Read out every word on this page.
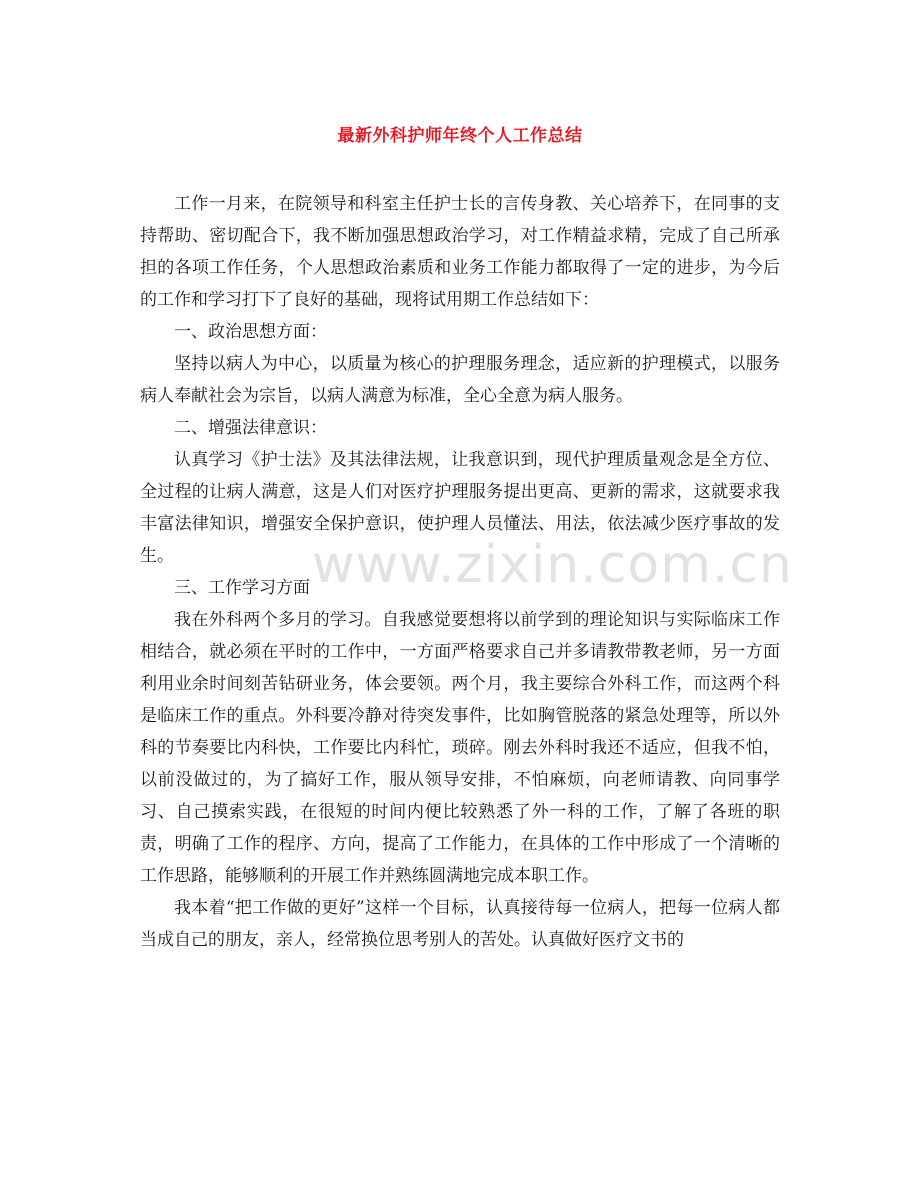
www.zixin.com.cn
最新外科护师年终个人工作总结

工作一月来，在院领导和科室主任护士长的言传身教、关心培养下，在同事的支持帮助、密切配合下，我不断加强思想政治学习，对工作精益求精，完成了自己所承担的各项工作任务，个人思想政治素质和业务工作能力都取得了一定的进步，为今后的工作和学习打下了良好的基础，现将试用期工作总结如下：

一、政治思想方面：

坚持以病人为中心，以质量为核心的护理服务理念，适应新的护理模式，以服务病人奉献社会为宗旨，以病人满意为标准，全心全意为病人服务。

二、增强法律意识：

认真学习《护士法》及其法律法规，让我意识到，现代护理质量观念是全方位、全过程的让病人满意，这是人们对医疗护理服务提出更高、更新的需求，这就要求我丰富法律知识，增强安全保护意识，使护理人员懂法、用法，依法减少医疗事故的发生。

三、工作学习方面

我在外科两个多月的学习。自我感觉要想将以前学到的理论知识与实际临床工作相结合，就必须在平时的工作中，一方面严格要求自己并多请教带教老师，另一方面利用业余时间刻苦钻研业务，体会要领。两个月，我主要综合外科工作，而这两个科是临床工作的重点。外科要冷静对待突发事件，比如胸管脱落的紧急处理等，所以外科的节奏要比内科快，工作要比内科忙，琐碎。刚去外科时我还不适应，但我不怕，以前没做过的，为了搞好工作，服从领导安排，不怕麻烦，向老师请教、向同事学习、自己摸索实践，在很短的时间内便比较熟悉了外一科的工作，了解了各班的职责，明确了工作的程序、方向，提高了工作能力，在具体的工作中形成了一个清晰的工作思路，能够顺利的开展工作并熟练圆满地完成本职工作。

我本着“把工作做的更好”这样一个目标，认真接待每一位病人，把每一位病人都当成自己的朋友，亲人，经常换位思考别人的苦处。认真做好医疗文书的
